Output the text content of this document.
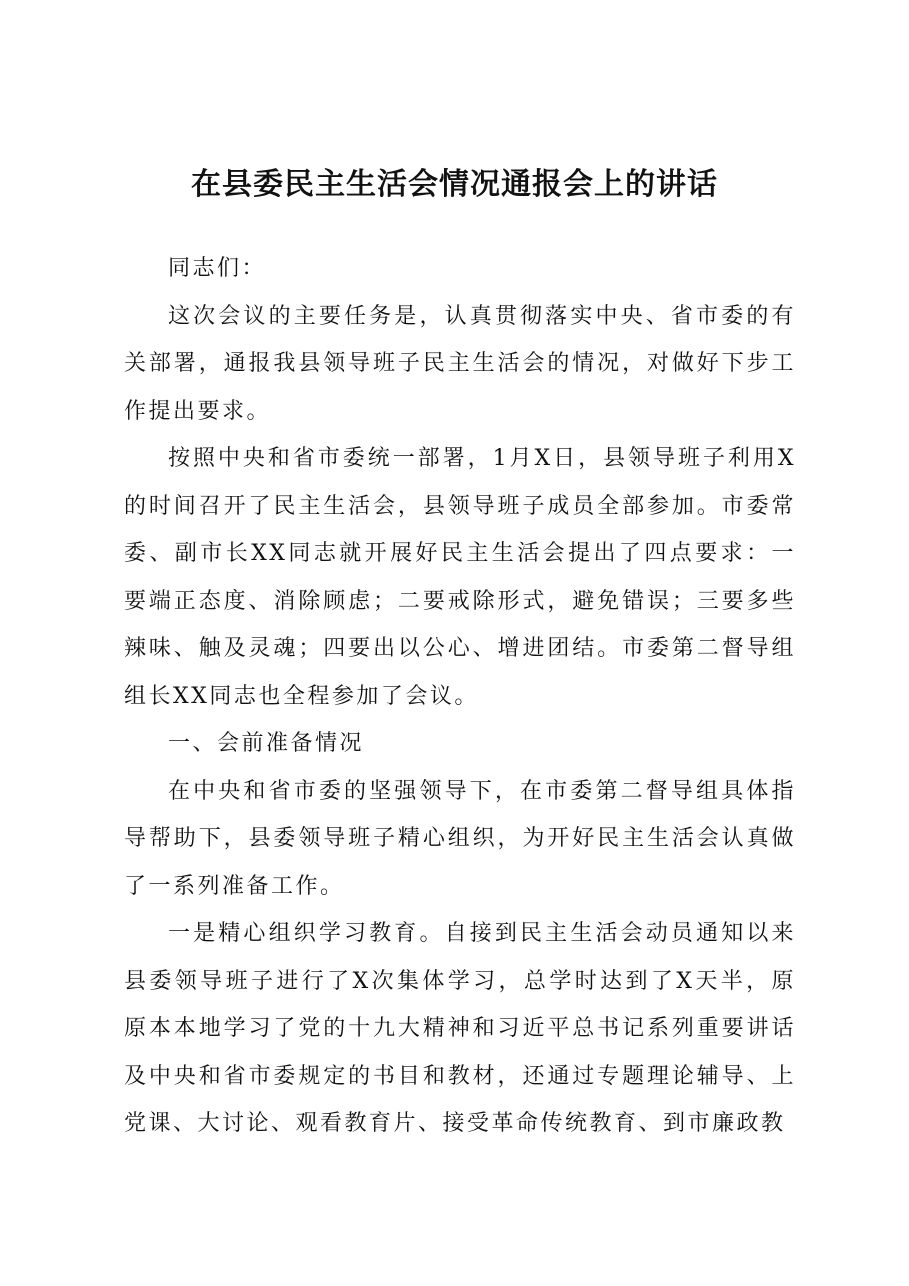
在县委民主生活会情况通报会上的讲话

同志们：

这次会议的主要任务是，认真贯彻落实中央、省市委的有关部署，通报我县领导班子民主生活会的情况，对做好下步工作提出要求。

按照中央和省市委统一部署，1月X日，县领导班子利用X的时间召开了民主生活会，县领导班子成员全部参加。市委常委、副市长XX同志就开展好民主生活会提出了四点要求：一要端正态度、消除顾虑；二要戒除形式，避免错误；三要多些辣味、触及灵魂；四要出以公心、增进团结。市委第二督导组组长XX同志也全程参加了会议。

一、会前准备情况

在中央和省市委的坚强领导下，在市委第二督导组具体指导帮助下，县委领导班子精心组织，为开好民主生活会认真做了一系列准备工作。

一是精心组织学习教育。自接到民主生活会动员通知以来县委领导班子进行了X次集体学习，总学时达到了X天半，原原本本地学习了党的十九大精神和习近平总书记系列重要讲话及中央和省市委规定的书目和教材，还通过专题理论辅导、上党课、大讨论、观看教育片、接受革命传统教育、到市廉政教
